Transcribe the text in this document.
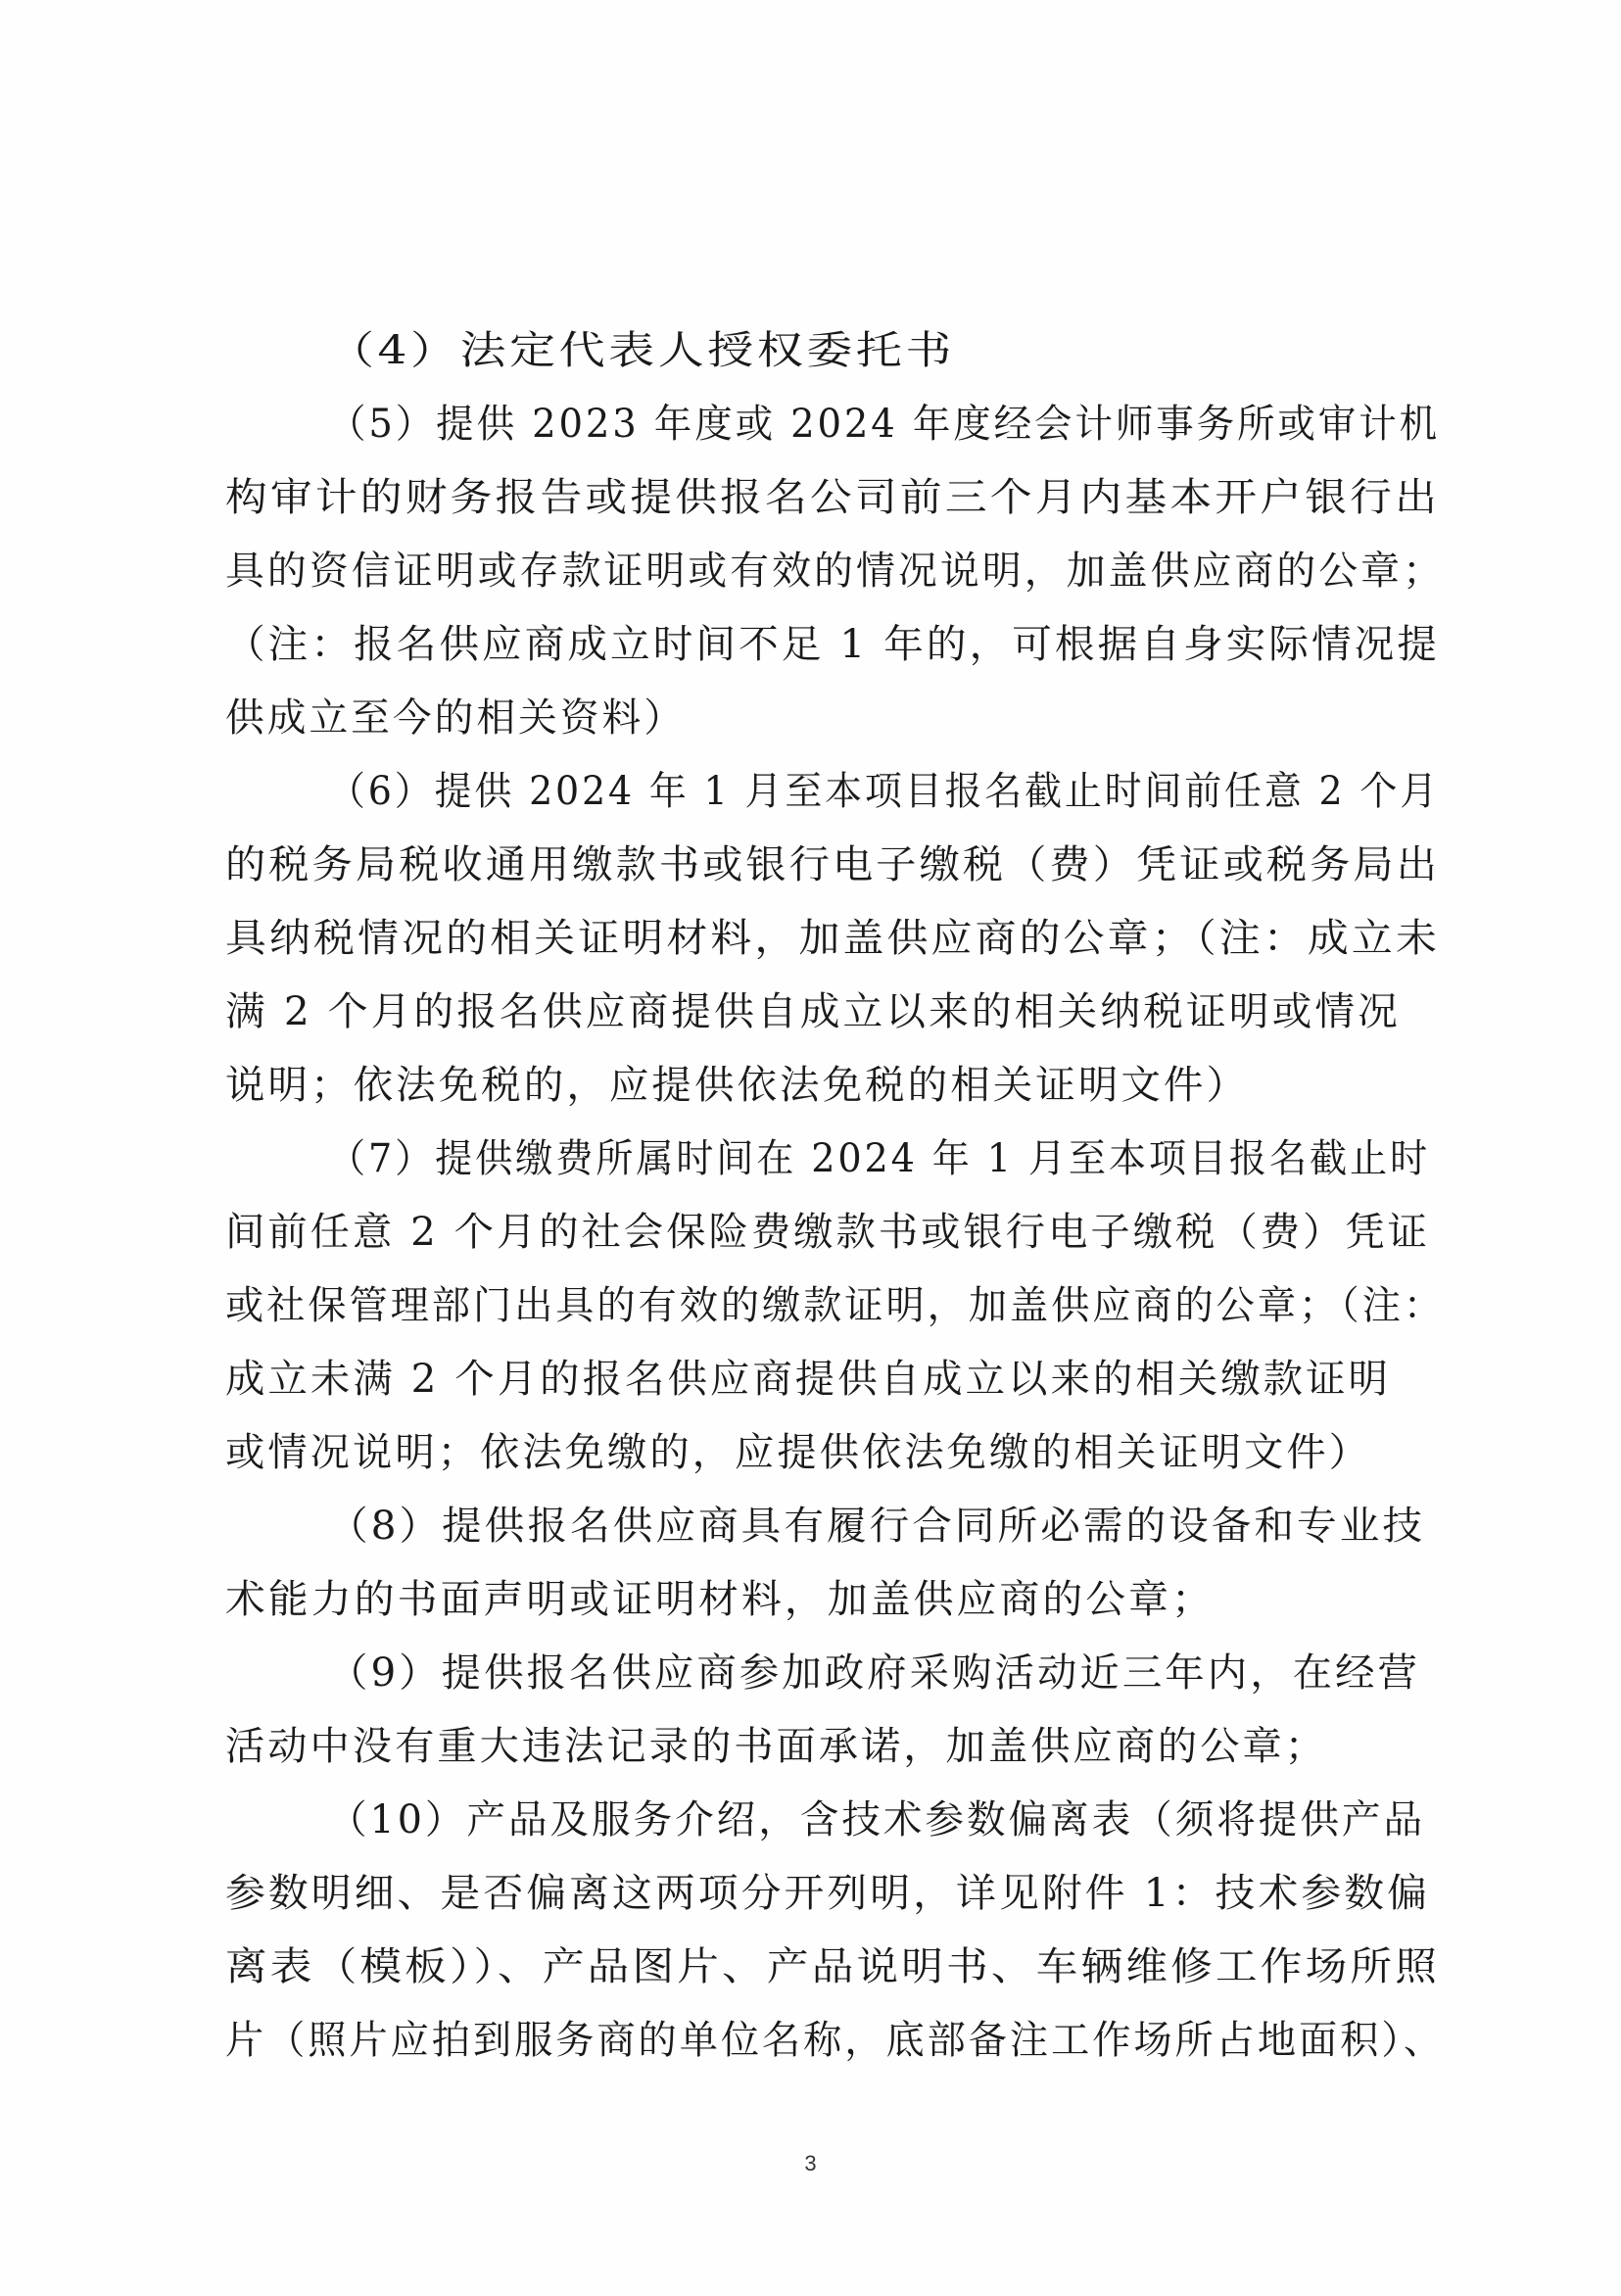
（4）法定代表人授权委托书
（5）提供 2023 年度或 2024 年度经会计师事务所或审计机
构审计的财务报告或提供报名公司前三个月内基本开户银行出
具的资信证明或存款证明或有效的情况说明，加盖供应商的公章；
（注：报名供应商成立时间不足 1 年的，可根据自身实际情况提
供成立至今的相关资料）
（6）提供 2024 年 1 月至本项目报名截止时间前任意 2 个月
的税务局税收通用缴款书或银行电子缴税（费）凭证或税务局出
具纳税情况的相关证明材料，加盖供应商的公章；（注：成立未
满 2 个月的报名供应商提供自成立以来的相关纳税证明或情况
说明；依法免税的，应提供依法免税的相关证明文件）
（7）提供缴费所属时间在 2024 年 1 月至本项目报名截止时
间前任意 2 个月的社会保险费缴款书或银行电子缴税（费）凭证
或社保管理部门出具的有效的缴款证明，加盖供应商的公章；（注：
成立未满 2 个月的报名供应商提供自成立以来的相关缴款证明
或情况说明；依法免缴的，应提供依法免缴的相关证明文件）
（8）提供报名供应商具有履行合同所必需的设备和专业技
术能力的书面声明或证明材料，加盖供应商的公章；
（9）提供报名供应商参加政府采购活动近三年内，在经营
活动中没有重大违法记录的书面承诺，加盖供应商的公章；
（10）产品及服务介绍，含技术参数偏离表（须将提供产品
参数明细、是否偏离这两项分开列明，详见附件 1：技术参数偏
离表（模板））、产品图片、产品说明书、车辆维修工作场所照
片（照片应拍到服务商的单位名称，底部备注工作场所占地面积）、
3
